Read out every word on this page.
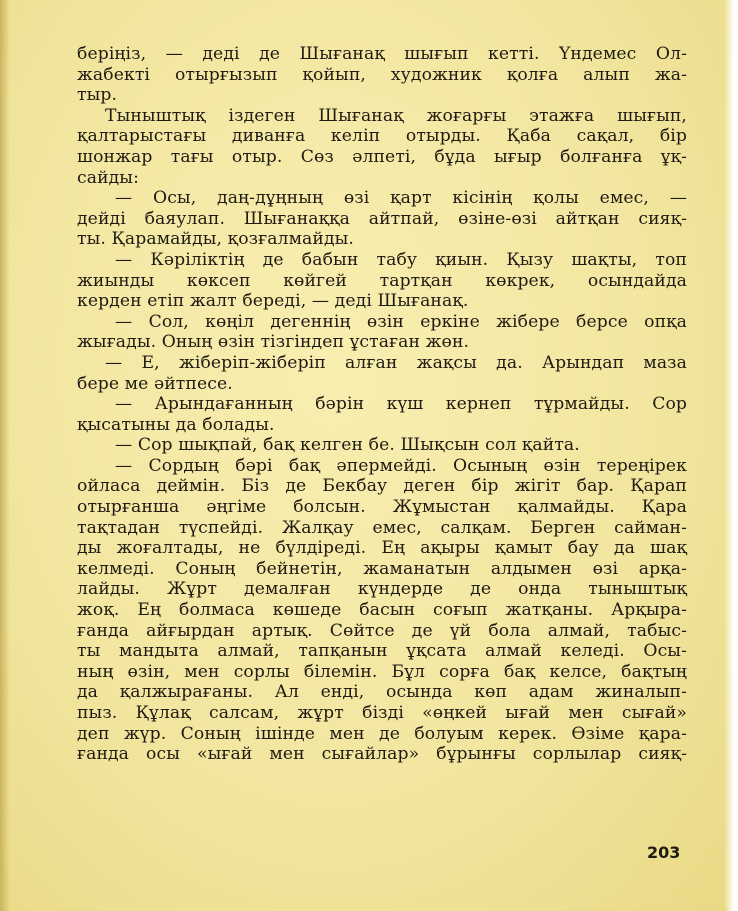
беріңіз, — деді де Шығанақ шығып кетті. Үндемес Ол-
жабекті отырғызып қойып, художник қолға алып жа-
тыр.
Тыныштық іздеген Шығанақ жоғарғы этажға шығып,
қалтарыстағы диванға келіп отырды. Қаба сақал, бір
шонжар тағы отыр. Сөз әлпеті, бұда ығыр болғанға ұқ-
сайды:
— Осы, даң-дұңның өзі қарт кісінің қолы емес, —
дейді баяулап. Шығанаққа айтпай, өзіне-өзі айтқан сияқ-
ты. Қарамайды, қозғалмайды.
— Кәріліктің де бабын табу қиын. Қызу шақты, топ
жиынды көксеп көйгей тартқан көкрек, осындайда
керден етіп жалт береді, — деді Шығанақ.
— Сол, көңіл дегеннің өзін еркіне жібере берсе опқа
жығады. Оның өзін тізгіндеп ұстаған жөн.
— Е, жіберіп-жіберіп алған жақсы да. Арындап маза
бере ме әйтпесе.
— Арындағанның бәрін күш кернеп тұрмайды. Сор
қысатыны да болады.
— Сор шықпай, бақ келген бе. Шықсын сол қайта.
— Сордың бәрі бақ әпермейді. Осының өзін тереңірек
ойласа деймін. Біз де Бекбау деген бір жігіт бар. Қарап
отырғанша әңгіме болсын. Жұмыстан қалмайды. Қара
тақтадан түспейді. Жалқау емес, салқам. Берген сайман-
ды жоғалтады, не бүлдіреді. Ең ақыры қамыт бау да шақ
келмеді. Соның бейнетін, жаманатын алдымен өзі арқа-
лайды. Жұрт демалған күндерде де онда тыныштық
жоқ. Ең болмаса көшеде басын соғып жатқаны. Арқыра-
ғанда айғырдан артық. Сөйтсе де үй бола алмай, табыс-
ты мандыта алмай, тапқанын ұқсата алмай келеді. Осы-
ның өзін, мен сорлы білемін. Бұл сорға бақ келсе, бақтың
да қалжырағаны. Ал енді, осында көп адам жиналып-
пыз. Құлақ салсам, жұрт бізді «өңкей ығай мен сығай»
деп жүр. Соның ішінде мен де болуым керек. Өзіме қара-
ғанда осы «ығай мен сығайлар» бұрынғы сорлылар сияқ-
203
